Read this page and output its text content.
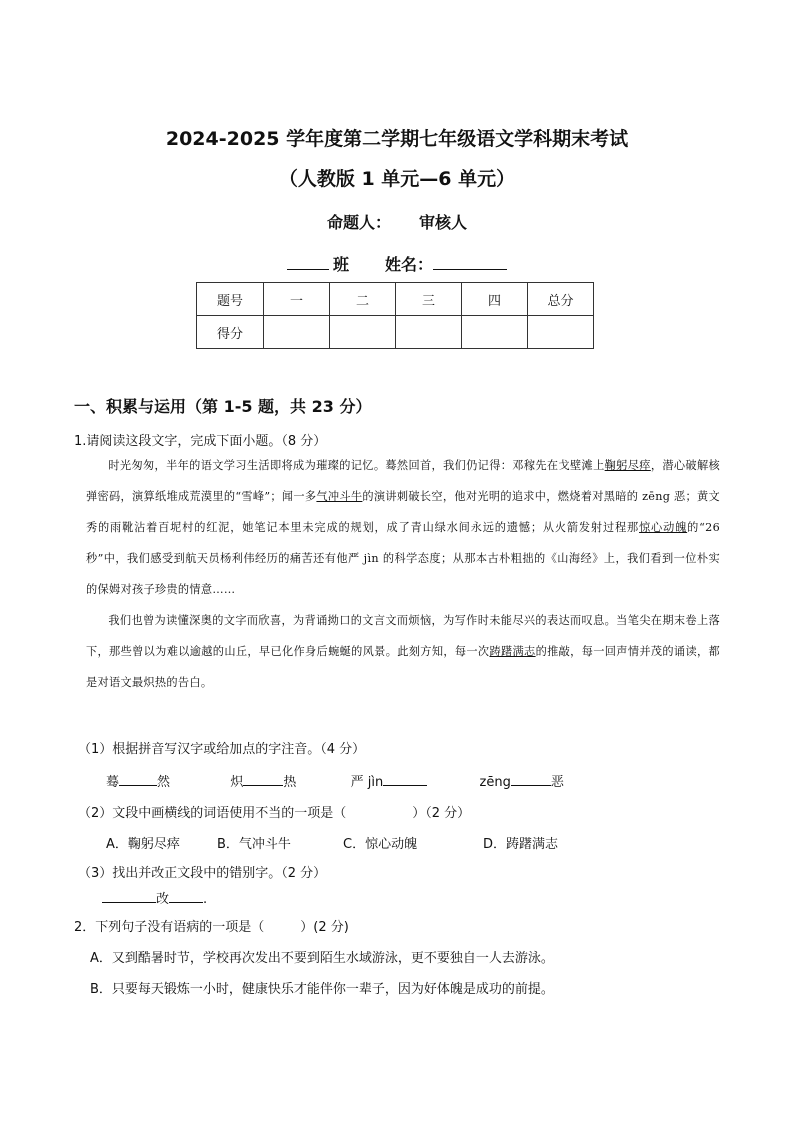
2024-2025 学年度第二学期七年级语文学科期末考试
（人教版 1 单元—6 单元）
命题人： 审核人
班 姓名：
题号	一	二	三	四	总分
得分					
一、积累与运用（第 1-5 题，共 23 分）
1.请阅读这段文字，完成下面小题。（8 分）

时光匆匆，半年的语文学习生活即将成为璀璨的记忆。蓦然回首，我们仍记得：邓稼先在戈壁滩上鞠躬尽瘁，潜心破解核弹密码，演算纸堆成荒漠里的“雪峰”；闻一多气冲斗牛的演讲刺破长空，他对光明的追求中，燃烧着对黑暗的 zēng 恶；黄文秀的雨靴沾着百坭村的红泥，她笔记本里未完成的规划，成了青山绿水间永远的遗憾；从火箭发射过程那惊心动魄的“26 秒”中，我们感受到航天员杨利伟经历的痛苦还有他严 jìn 的科学态度；从那本古朴粗拙的《山海经》上，我们看到一位朴实的保姆对孩子珍贵的情意……

我们也曾为读懂深奥的文字而欣喜，为背诵拗口的文言文而烦恼，为写作时未能尽兴的表达而叹息。当笔尖在期末卷上落下，那些曾以为难以逾越的山丘，早已化作身后蜿蜒的风景。此刻方知，每一次踌躇满志的推敲，每一回声情并茂的诵读，都是对语文最炽热的告白。

（1）根据拼音写汉字或给加点的字注音。（4 分）
蓦	然	炽	热	严 jìn	zēng	恶
（2）文段中画横线的词语使用不当的一项是（	）（2 分）
A．鞠躬尽瘁	B．气冲斗牛	C．惊心动魄	D．踌躇满志
（3）找出并改正文段中的错别字。（2 分）
改	.
2．下列句子没有语病的一项是（	）(2 分)
A．又到酷暑时节，学校再次发出不要到陌生水域游泳，更不要独自一人去游泳。
B．只要每天锻炼一小时，健康快乐才能伴你一辈子，因为好体魄是成功的前提。
